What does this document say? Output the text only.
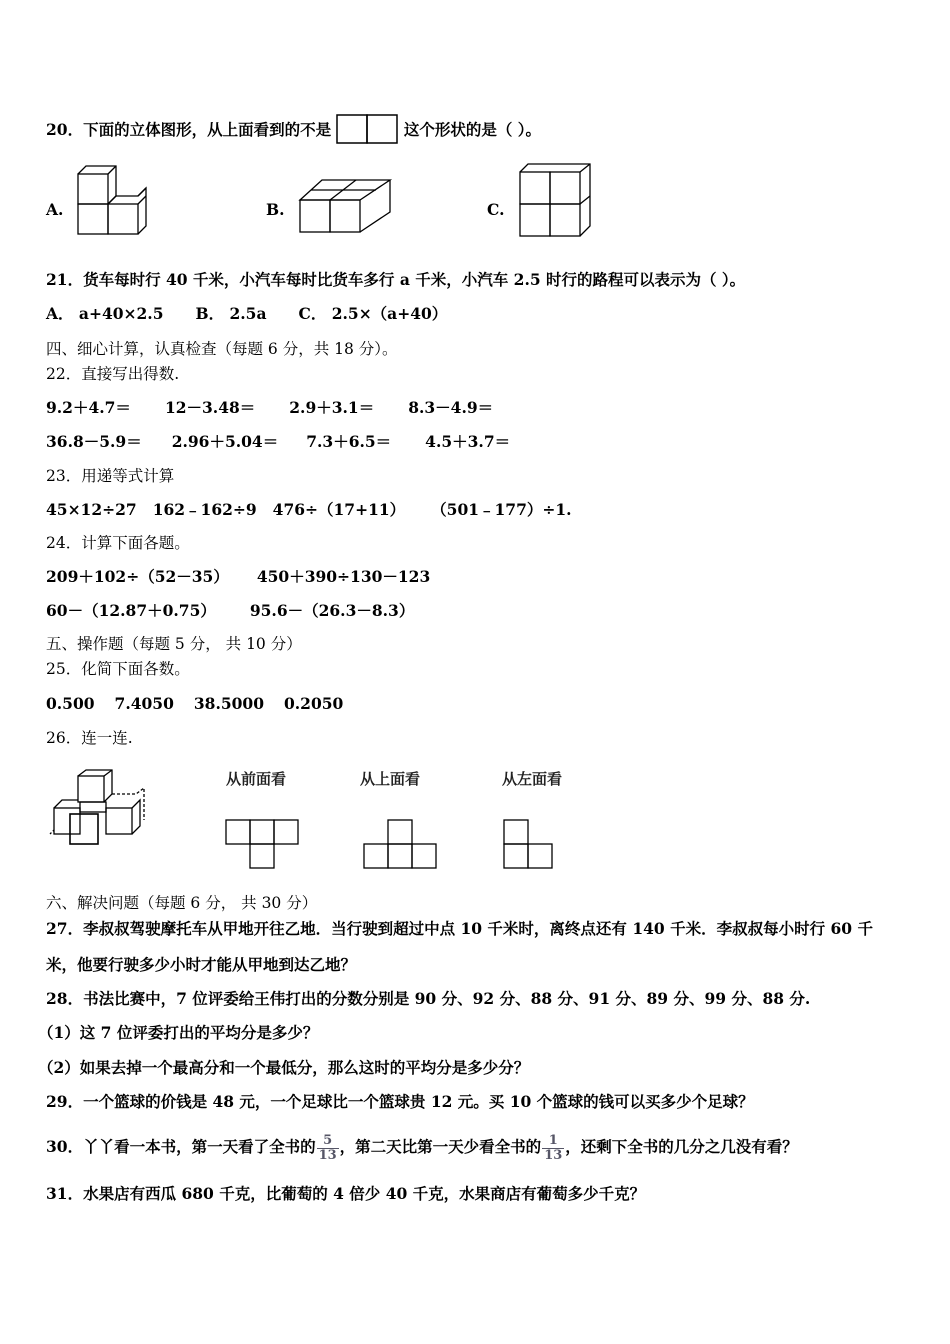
20．下面的立体图形，从上面看到的不是	这个形状的是（ ）。
A.	B.	C.
21．货车每时行 40 千米，小汽车每时比货车多行 a 千米，小汽车 2.5 时行的路程可以表示为（ ）。
A． a+40×2.5 B． 2.5a C． 2.5×（a+40）
四、细心计算，认真检查（每题 6 分，共 18 分）。
22．直接写出得数.
9.2＋4.7＝ 12－3.48＝ 2.9＋3.1＝ 8.3－4.9＝
36.8－5.9＝ 2.96＋5.04＝ 7.3＋6.5＝ 4.5＋3.7＝
23．用递等式计算
45×12÷27 162﹣162÷9 476÷（17+11） （501﹣177）÷1.
24．计算下面各题。
209＋102÷（52－35） 450＋390÷130－123
60－（12.87＋0.75） 95.6－（26.3－8.3）
五、操作题（每题 5 分， 共 10 分）
25．化简下面各数。
0.500 7.4050 38.5000 0.2050
26．连一连.
从前面看	从上面看	从左面看
六、解决问题（每题 6 分， 共 30 分）
27．李叔叔驾驶摩托车从甲地开往乙地．当行驶到超过中点 10 千米时，离终点还有 140 千米．李叔叔每小时行 60 千
米，他要行驶多少小时才能从甲地到达乙地？
28．书法比赛中，7 位评委给王伟打出的分数分别是 90 分、92 分、88 分、91 分、89 分、99 分、88 分.
（1）这 7 位评委打出的平均分是多少？
（2）如果去掉一个最高分和一个最低分，那么这时的平均分是多少分？
29．一个篮球的价钱是 48 元，一个足球比一个篮球贵 12 元。买 10 个篮球的钱可以买多少个足球？
30．丫丫看一本书，第一天看了全书的 $\frac{5}{13}$ ，第二天比第一天少看全书的 $\frac{1}{13}$ ，还剩下全书的几分之几没有看？
31．水果店有西瓜 680 千克，比葡萄的 4 倍少 40 千克，水果商店有葡萄多少千克？
